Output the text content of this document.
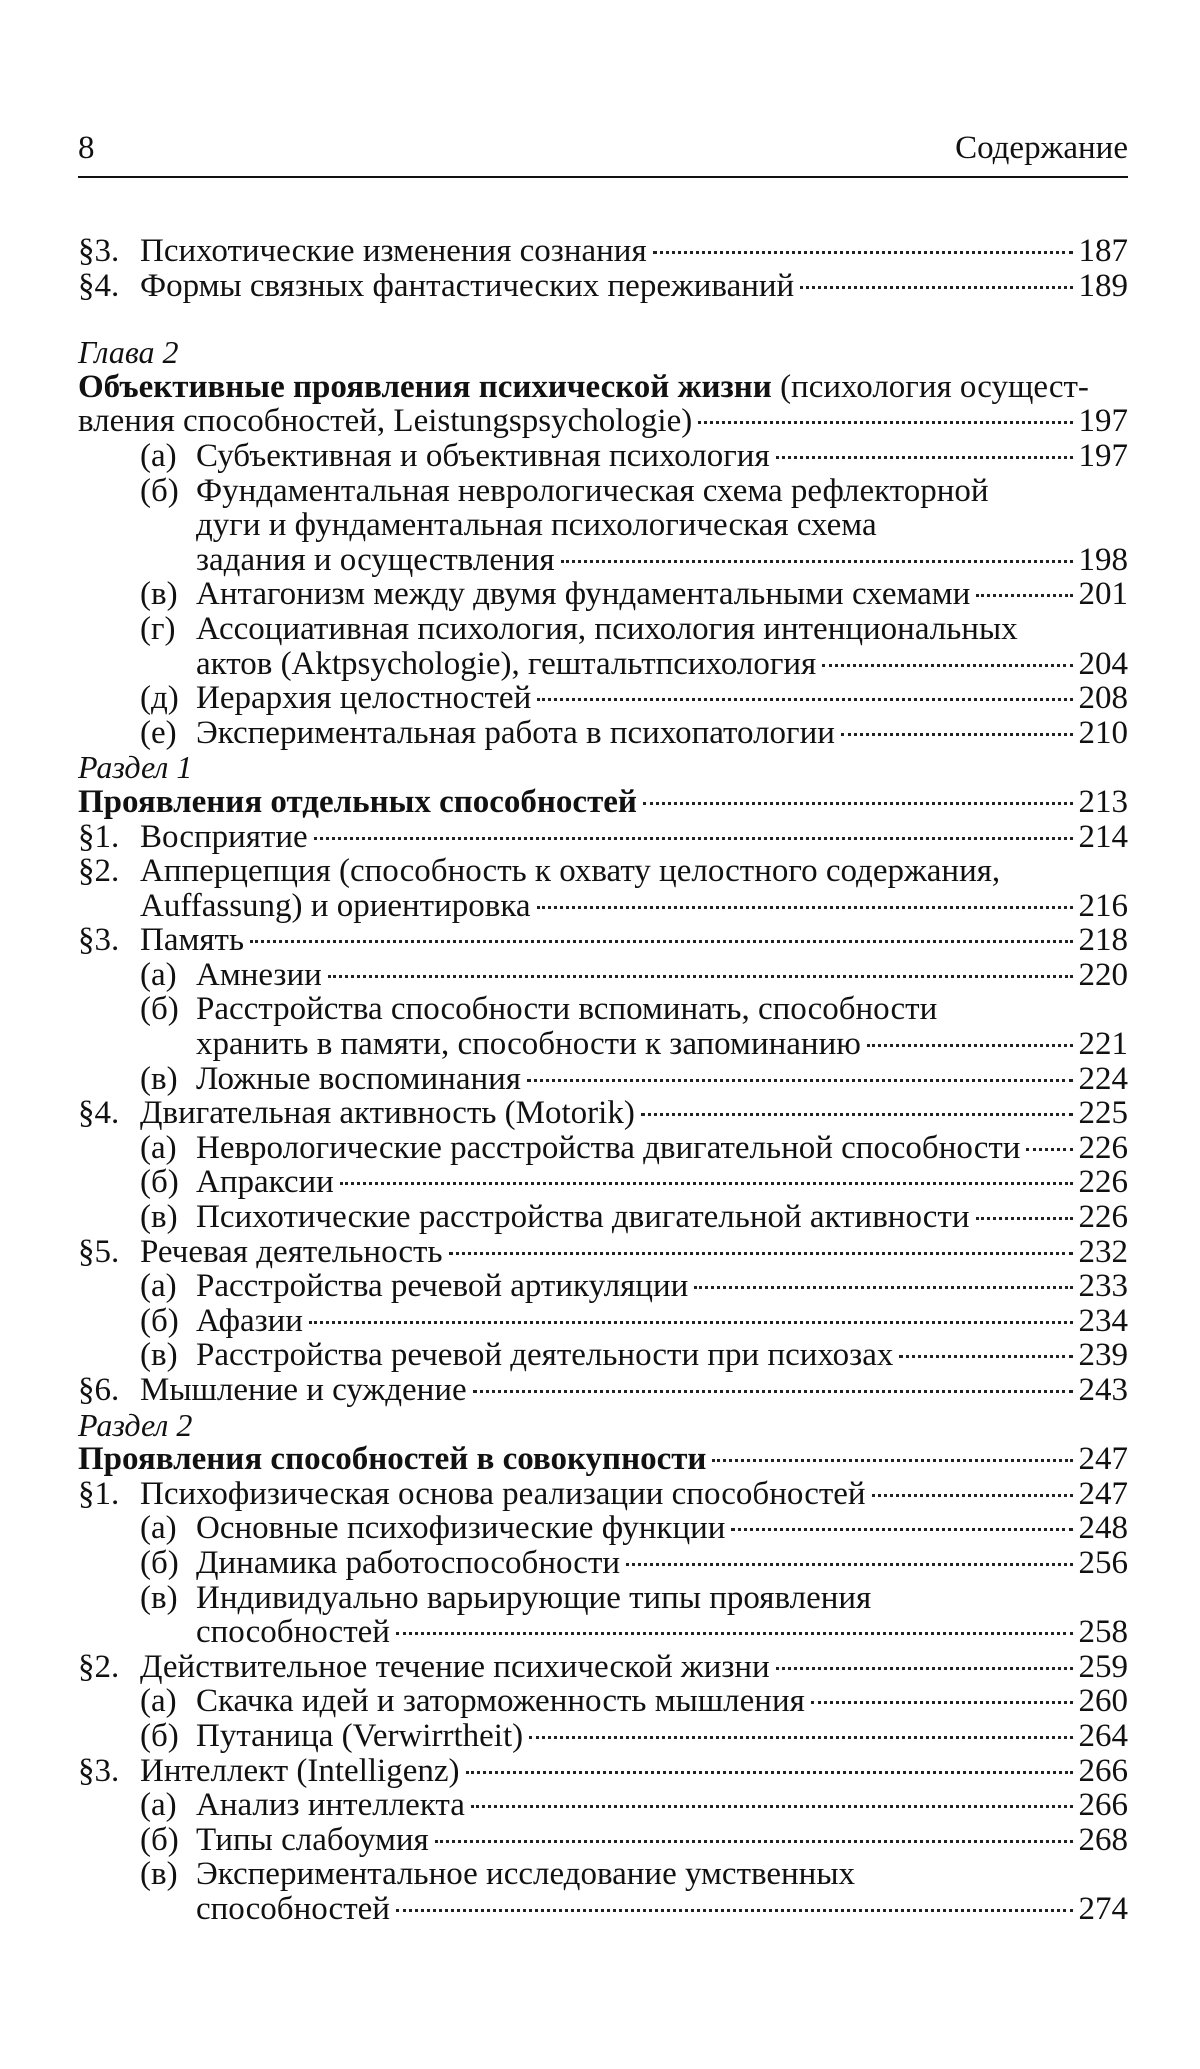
8	Содержание
§3. Психотические изменения сознания	187
§4. Формы связных фантастических переживаний	189
Глава 2
Объективные проявления психической жизни (психология осущест-
вления способностей, Leistungspsychologie)	197
(а) Субъективная и объективная психология	197
(б) Фундаментальная неврологическая схема рефлекторной
дуги и фундаментальная психологическая схема
задания и осуществления	198
(в) Антагонизм между двумя фундаментальными схемами	201
(г) Ассоциативная психология, психология интенциональных
актов (Aktpsychologie), гештальтпсихология	204
(д) Иерархия целостностей	208
(е) Экспериментальная работа в психопатологии	210
Раздел 1
Проявления отдельных способностей	213
§1. Восприятие	214
§2. Апперцепция (способность к охвату целостного содержания,
Auffassung) и ориентировка	216
§3. Память	218
(а) Амнезии	220
(б) Расстройства способности вспоминать, способности
хранить в памяти, способности к запоминанию	221
(в) Ложные воспоминания	224
§4. Двигательная активность (Motorik)	225
(а) Неврологические расстройства двигательной способности 226
(б) Апраксии	226
(в) Психотические расстройства двигательной активности	226
§5. Речевая деятельность	232
(а) Расстройства речевой артикуляции	233
(б) Афазии	234
(в) Расстройства речевой деятельности при психозах	239
§6. Мышление и суждение	243
Раздел 2
Проявления способностей в совокупности	247
§1. Психофизическая основа реализации способностей	247
(а) Основные психофизические функции	248
(б) Динамика работоспособности	256
(в) Индивидуально варьирующие типы проявления
способностей	258
§2. Действительное течение психической жизни	259
(а) Скачка идей и заторможенность мышления	260
(б) Путаница (Verwirrtheit)	264
§3. Интеллект (Intelligenz)	266
(а) Анализ интеллекта	266
(б) Типы слабоумия	268
(в) Экспериментальное исследование умственных
способностей	274
